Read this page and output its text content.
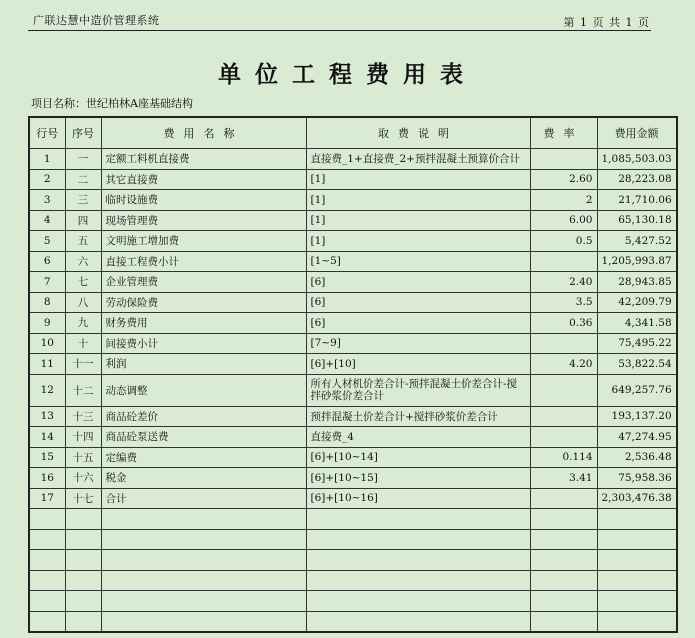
广联达慧中造价管理系统	第 1 页 共 1 页
单位工程费用表
项目名称：世纪柏林A座基础结构
行号	序号	费用名称	取费说明	费率	费用金额
1	一	定额工料机直接费	直接费_1+直接费_2+预拌混凝土预算价合计		1,085,503.03
2	二	其它直接费	[1]	2.60	28,223.08
3	三	临时设施费	[1]	2	21,710.06
4	四	现场管理费	[1]	6.00	65,130.18
5	五	文明施工增加费	[1]	0.5	5,427.52
6	六	直接工程费小计	[1~5]		1,205,993.87
7	七	企业管理费	[6]	2.40	28,943.85
8	八	劳动保险费	[6]	3.5	42,209.79
9	九	财务费用	[6]	0.36	4,341.58
10	十	间接费小计	[7~9]		75,495.22
11	十一	利润	[6]+[10]	4.20	53,822.54
12	十二	动态调整	所有人材机价差合计-预拌混凝土价差合计-搅拌砂浆价差合计		649,257.76
13	十三	商品砼差价	预拌混凝土价差合计+搅拌砂浆价差合计		193,137.20
14	十四	商品砼泵送费	直接费_4		47,274.95
15	十五	定编费	[6]+[10~14]	0.114	2,536.48
16	十六	税金	[6]+[10~15]	3.41	75,958.36
17	十七	合计	[6]+[10~16]		2,303,476.38
